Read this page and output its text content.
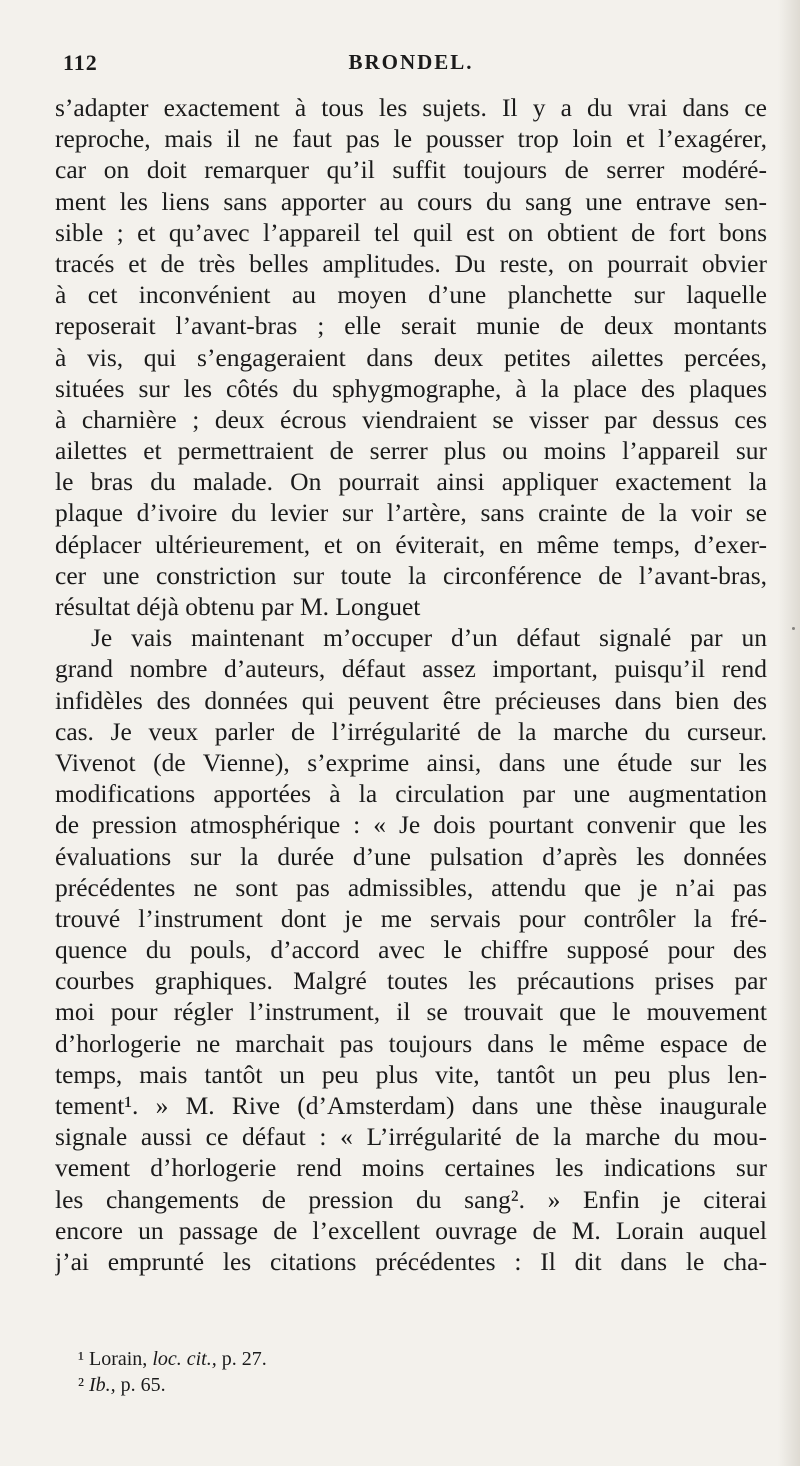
112	BRONDEL.
s’adapter exactement à tous les sujets. Il y a du vrai dans ce
reproche, mais il ne faut pas le pousser trop loin et l’exagérer,
car on doit remarquer qu’il suffit toujours de serrer modéré-
ment les liens sans apporter au cours du sang une entrave sen-
sible ; et qu’avec l’appareil tel quil est on obtient de fort bons
tracés et de très belles amplitudes. Du reste, on pourrait obvier
à cet inconvénient au moyen d’une planchette sur laquelle
reposerait l’avant-bras ; elle serait munie de deux montants
à vis, qui s’engageraient dans deux petites ailettes percées,
situées sur les côtés du sphygmographe, à la place des plaques
à charnière ; deux écrous viendraient se visser par dessus ces
ailettes et permettraient de serrer plus ou moins l’appareil sur
le bras du malade. On pourrait ainsi appliquer exactement la
plaque d’ivoire du levier sur l’artère, sans crainte de la voir se
déplacer ultérieurement, et on éviterait, en même temps, d’exer-
cer une constriction sur toute la circonférence de l’avant-bras,
résultat déjà obtenu par M. Longuet
Je vais maintenant m’occuper d’un défaut signalé par un
grand nombre d’auteurs, défaut assez important, puisqu’il rend
infidèles des données qui peuvent être précieuses dans bien des
cas. Je veux parler de l’irrégularité de la marche du curseur.
Vivenot (de Vienne), s’exprime ainsi, dans une étude sur les
modifications apportées à la circulation par une augmentation
de pression atmosphérique : « Je dois pourtant convenir que les
évaluations sur la durée d’une pulsation d’après les données
précédentes ne sont pas admissibles, attendu que je n’ai pas
trouvé l’instrument dont je me servais pour contrôler la fré-
quence du pouls, d’accord avec le chiffre supposé pour des
courbes graphiques. Malgré toutes les précautions prises par
moi pour régler l’instrument, il se trouvait que le mouvement
d’horlogerie ne marchait pas toujours dans le même espace de
temps, mais tantôt un peu plus vite, tantôt un peu plus len-
tement¹. » M. Rive (d’Amsterdam) dans une thèse inaugurale
signale aussi ce défaut : « L’irrégularité de la marche du mou-
vement d’horlogerie rend moins certaines les indications sur
les changements de pression du sang². » Enfin je citerai
encore un passage de l’excellent ouvrage de M. Lorain auquel
j’ai emprunté les citations précédentes : Il dit dans le cha-
¹ Lorain, loc. cit., p. 27.
² Ib., p. 65.
